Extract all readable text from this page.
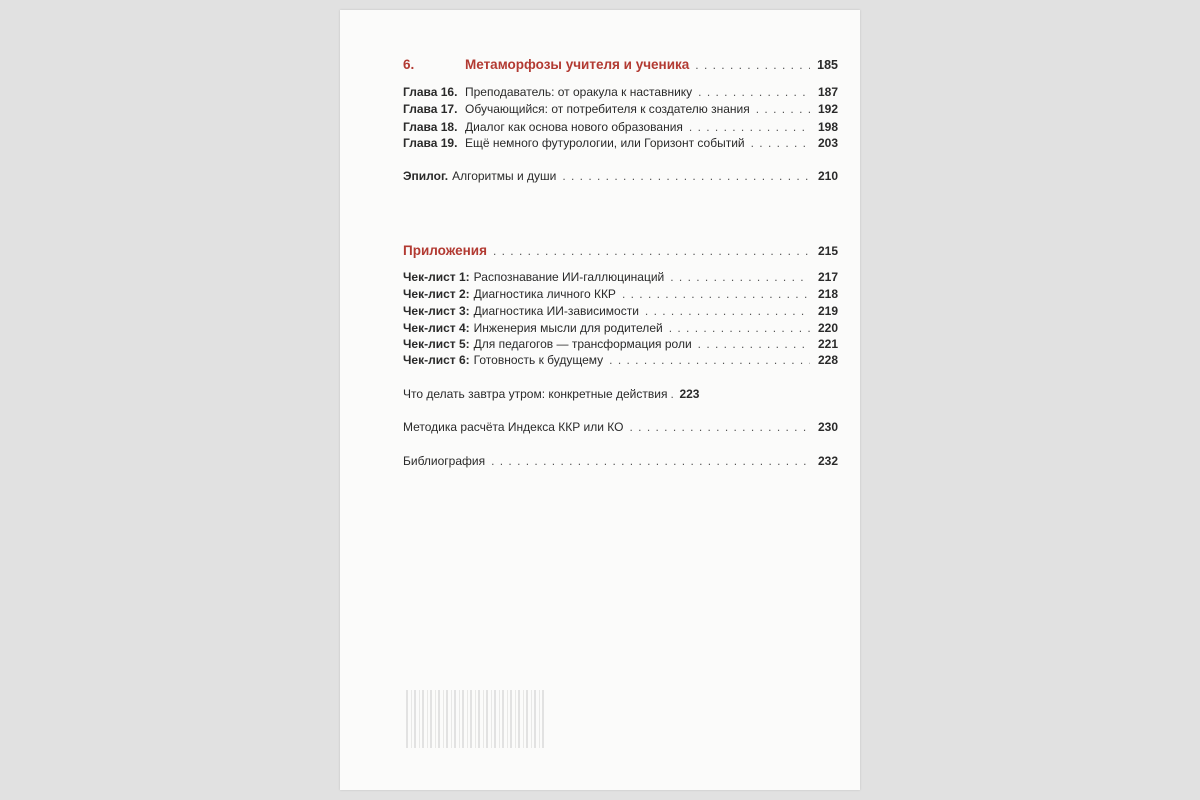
6.	Метаморфозы учителя и ученика . . .	185
Глава 16. Преподаватель: от оракула к наставнику . . .	187
Глава 17. Обучающийся: от потребителя к создателю знания . . .	192
Глава 18. Диалог как основа нового образования . . .	198
Глава 19. Ещё немного футурологии, или Горизонт событий . . .	203
Эпилог. Алгоритмы и души . . .	210
Приложения . . .	215
Чек-лист 1: Распознавание ИИ-галлюцинаций . . .	217
Чек-лист 2: Диагностика личного ККР . . .	218
Чек-лист 3: Диагностика ИИ-зависимости . . .	219
Чек-лист 4: Инженерия мысли для родителей . . .	220
Чек-лист 5: Для педагогов — трансформация роли . . .	221
Чек-лист 6: Готовность к будущему . . .	228
Что делать завтра утром: конкретные действия . . . 223
Методика расчёта Индекса ККР или КО . . .	230
Библиография . . .	232
